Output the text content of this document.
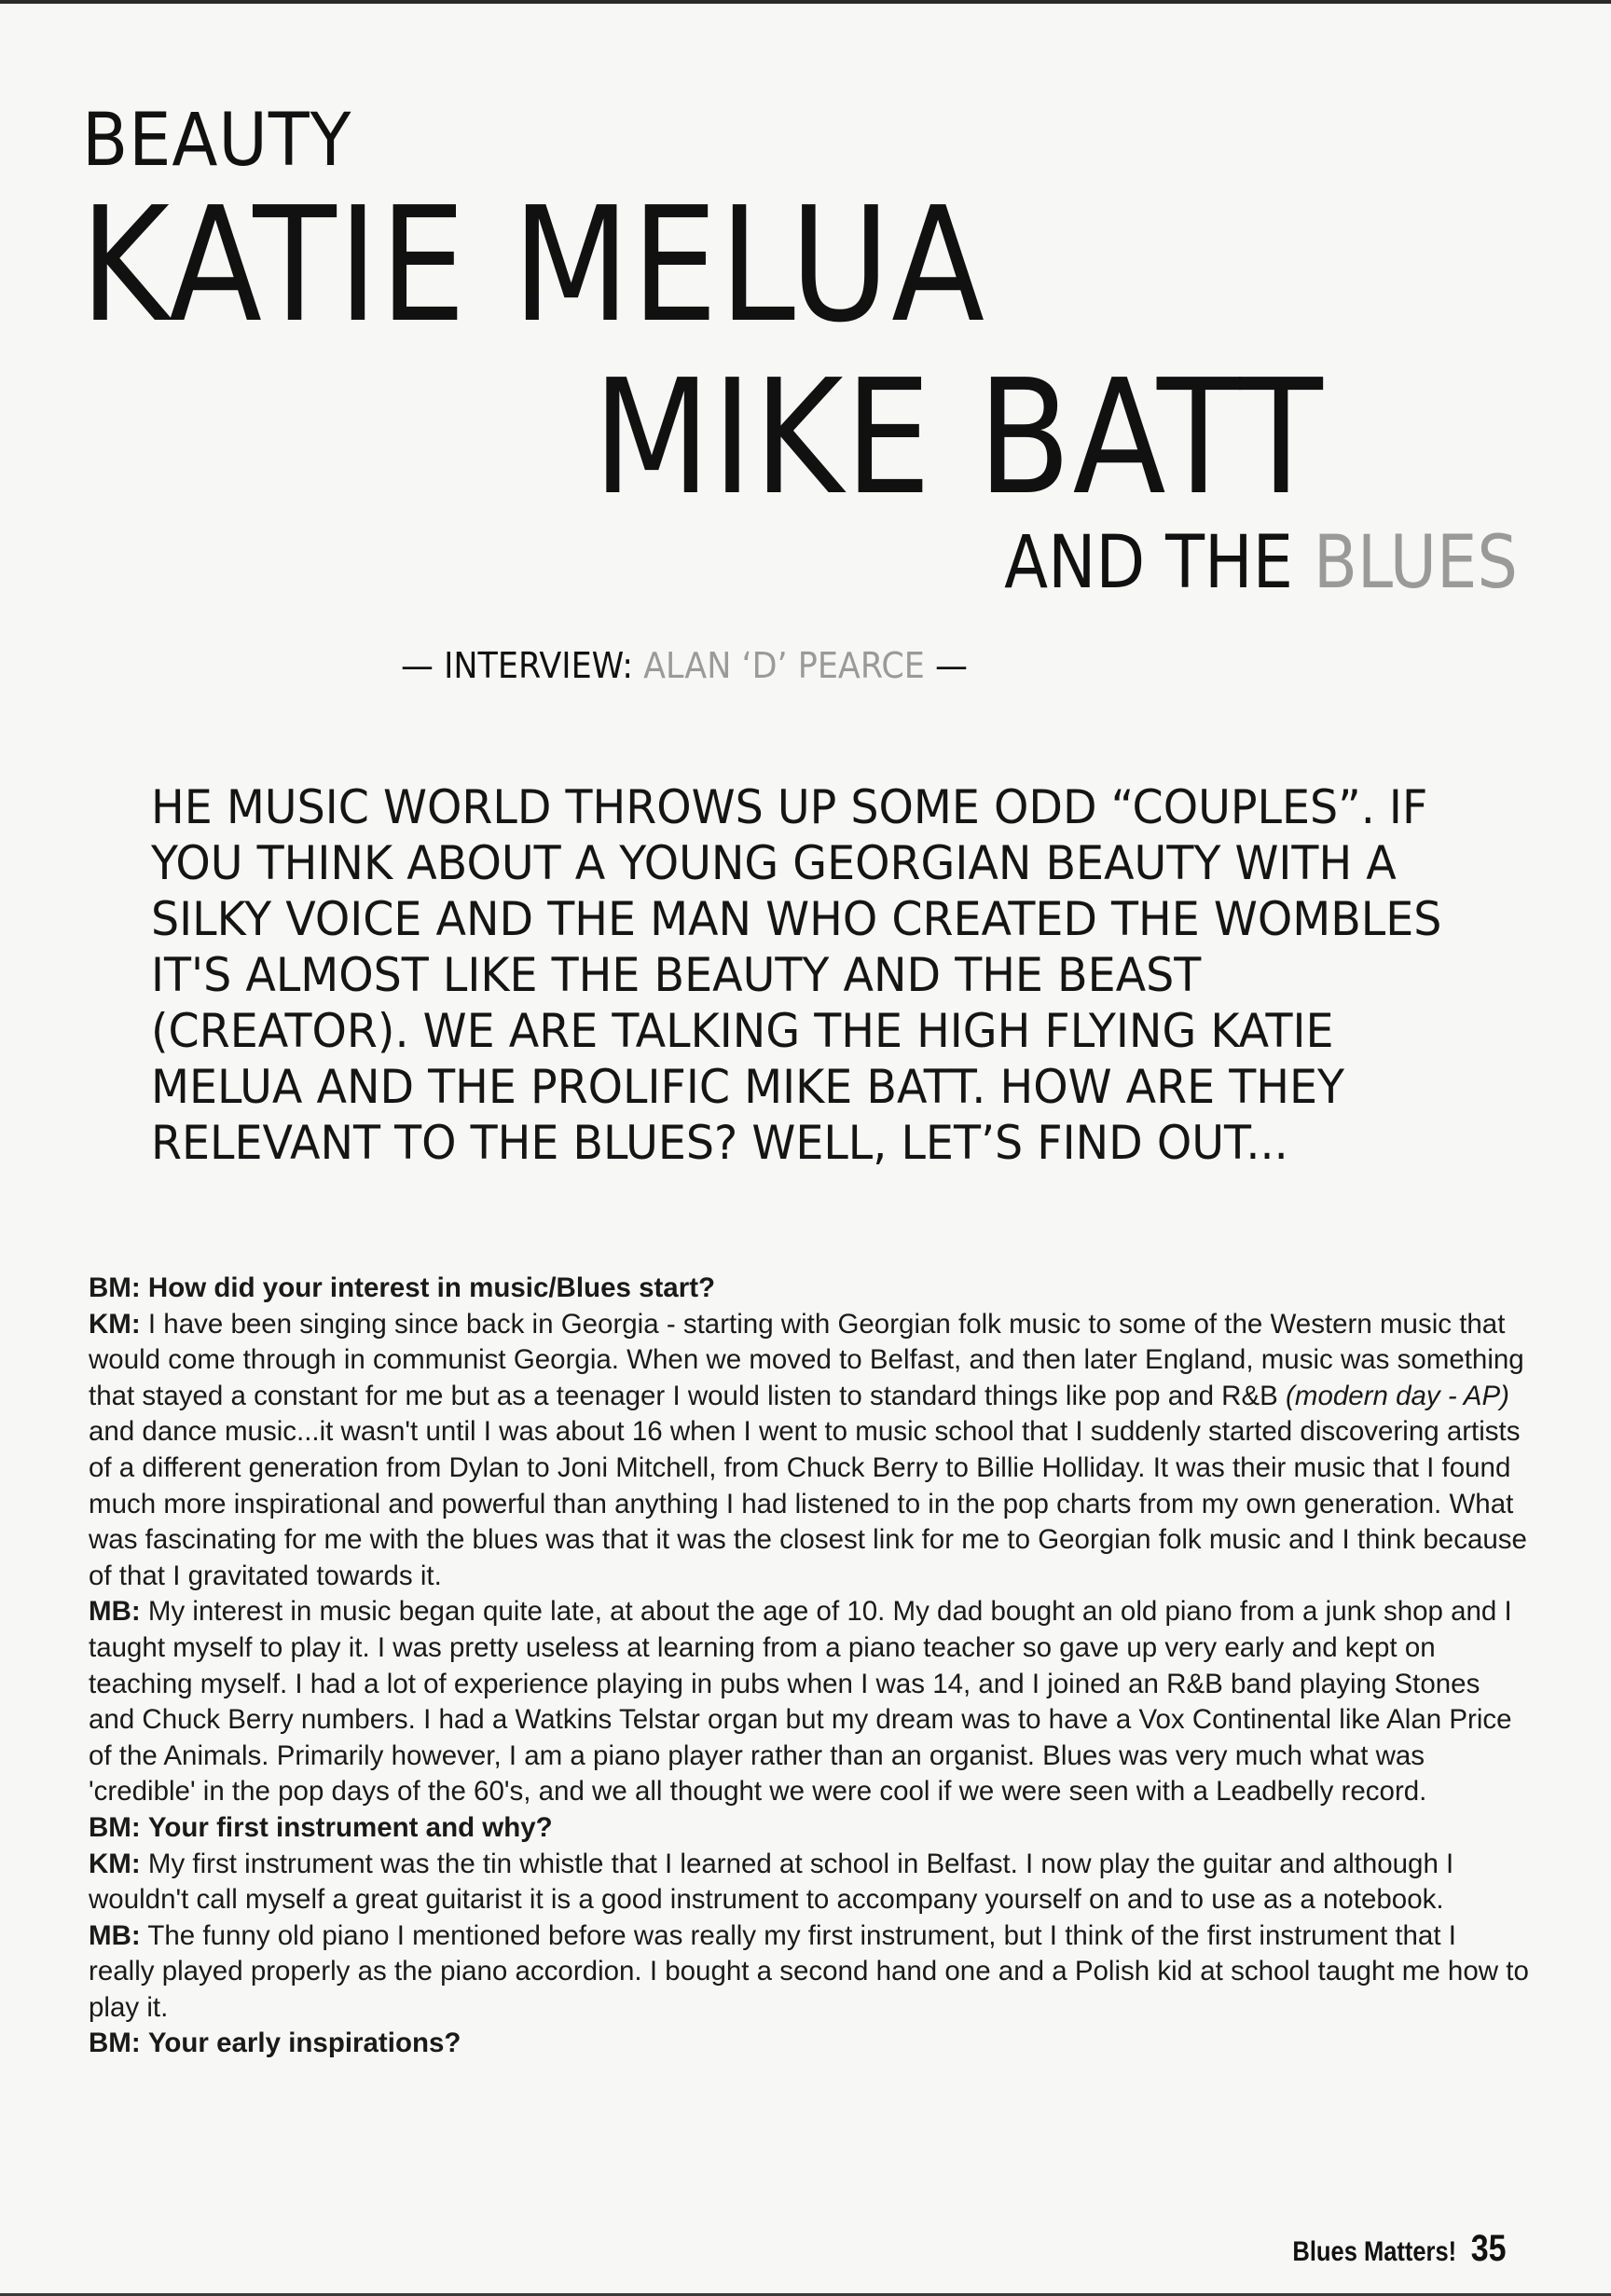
BEAUTY
KATIE MELUA
MIKE BATT
AND THE BLUES
— INTERVIEW: ALAN ‘D’ PEARCE —

HE MUSIC WORLD THROWS UP SOME ODD “COUPLES”. IF YOU THINK ABOUT A YOUNG GEORGIAN BEAUTY WITH A SILKY VOICE AND THE MAN WHO CREATED THE WOMBLES IT'S ALMOST LIKE THE BEAUTY AND THE BEAST (CREATOR). WE ARE TALKING THE HIGH FLYING KATIE MELUA AND THE PROLIFIC MIKE BATT. HOW ARE THEY RELEVANT TO THE BLUES? WELL, LET’S FIND OUT...

BM: How did your interest in music/Blues start?

KM: I have been singing since back in Georgia - starting with Georgian folk music to some of the Western music that would come through in communist Georgia. When we moved to Belfast, and then later England, music was something that stayed a constant for me but as a teenager I would listen to standard things like pop and R&B (modern day - AP) and dance music...it wasn't until I was about 16 when I went to music school that I suddenly started discovering artists of a different generation from Dylan to Joni Mitchell, from Chuck Berry to Billie Holliday. It was their music that I found much more inspirational and powerful than anything I had listened to in the pop charts from my own generation. What was fascinating for me with the blues was that it was the closest link for me to Georgian folk music and I think because of that I gravitated towards it.

MB: My interest in music began quite late, at about the age of 10. My dad bought an old piano from a junk shop and I taught myself to play it. I was pretty useless at learning from a piano teacher so gave up very early and kept on teaching myself. I had a lot of experience playing in pubs when I was 14, and I joined an R&B band playing Stones and Chuck Berry numbers. I had a Watkins Telstar organ but my dream was to have a Vox Continental like Alan Price of the Animals. Primarily however, I am a piano player rather than an organist. Blues was very much what was 'credible' in the pop days of the 60's, and we all thought we were cool if we were seen with a Leadbelly record.

BM: Your first instrument and why?

KM: My first instrument was the tin whistle that I learned at school in Belfast. I now play the guitar and although I wouldn't call myself a great guitarist it is a good instrument to accompany yourself on and to use as a notebook.

MB: The funny old piano I mentioned before was really my first instrument, but I think of the first instrument that I really played properly as the piano accordion. I bought a second hand one and a Polish kid at school taught me how to play it.

BM: Your early inspirations?

Blues Matters! 35
